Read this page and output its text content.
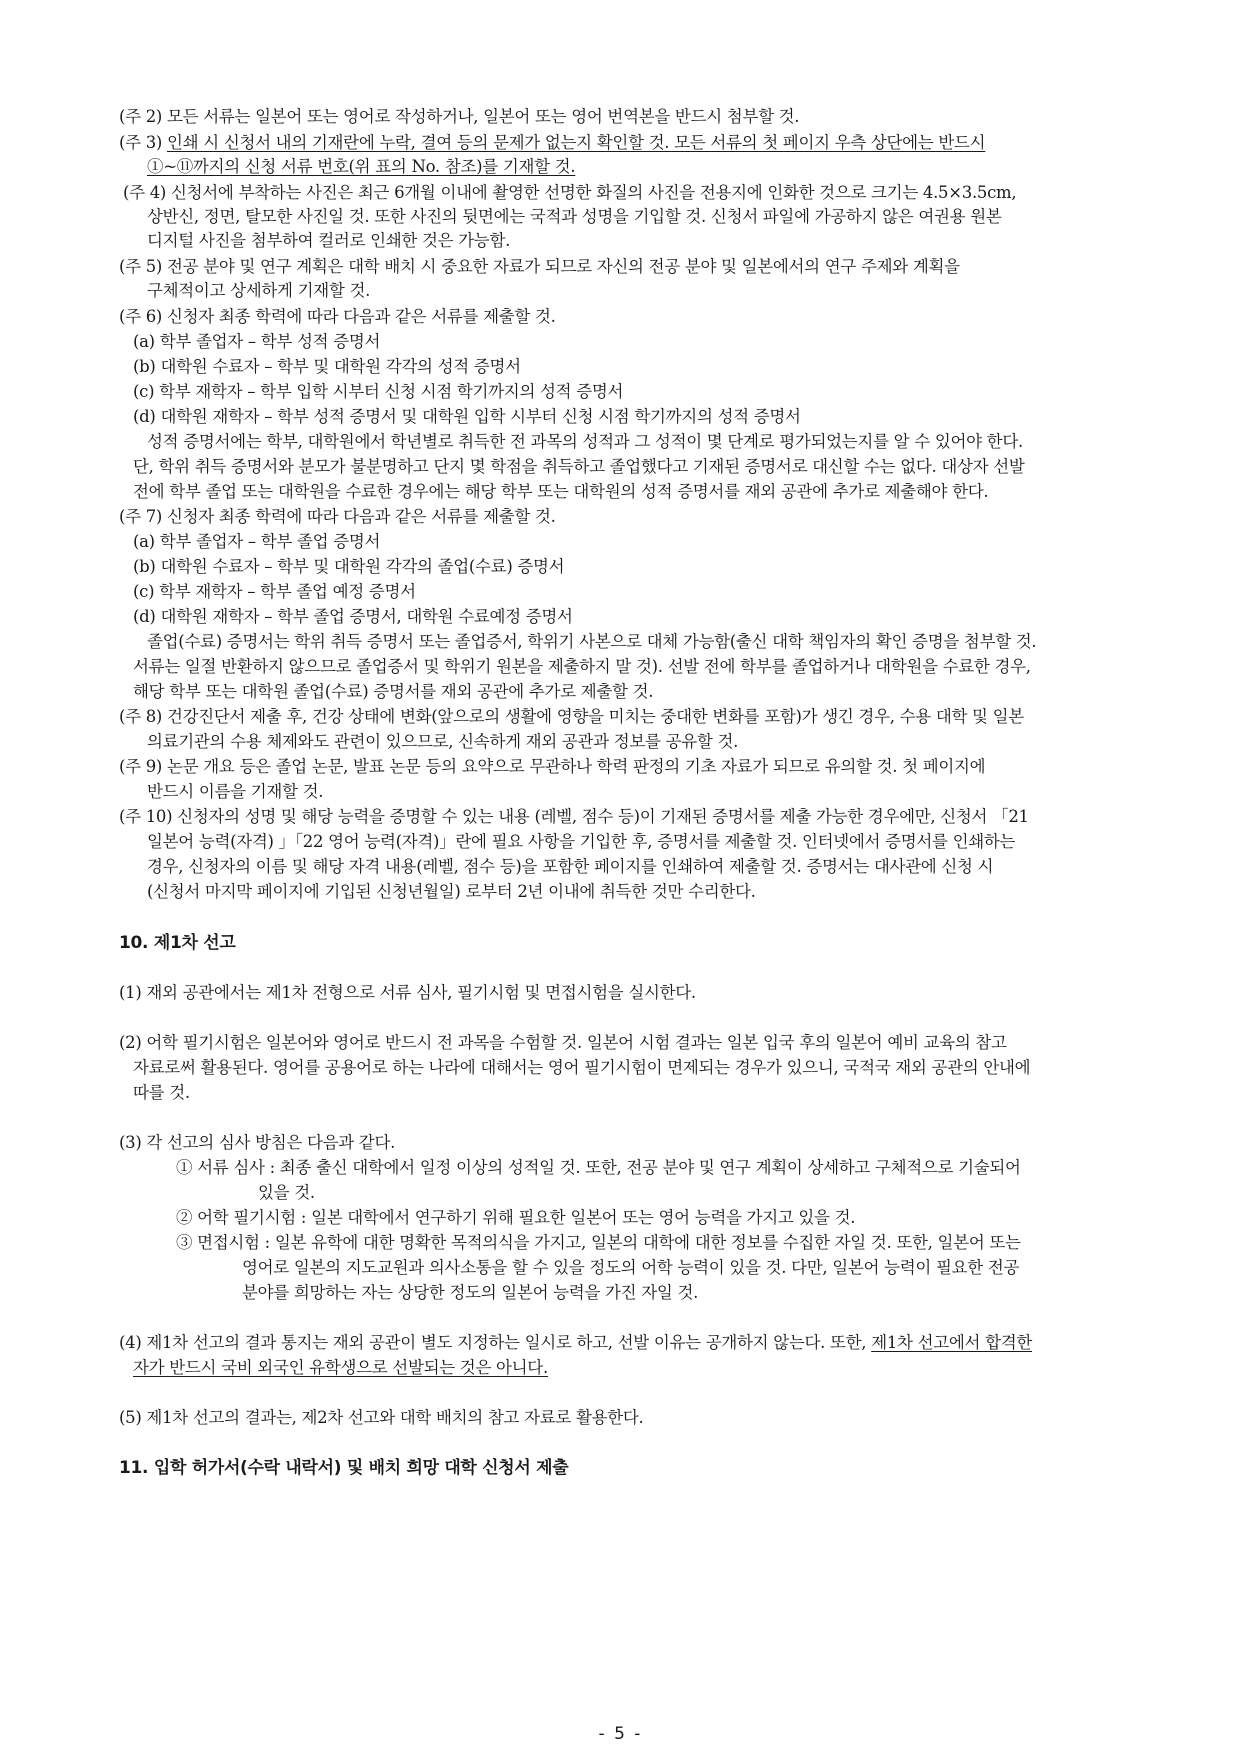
(주 2) 모든 서류는 일본어 또는 영어로 작성하거나, 일본어 또는 영어 번역본을 반드시 첨부할 것.
(주 3) 인쇄 시 신청서 내의 기재란에 누락, 결여 등의 문제가 없는지 확인할 것. 모든 서류의 첫 페이지 우측 상단에는 반드시
①~⑪까지의 신청 서류 번호(위 표의 No. 참조)를 기재할 것.
(주 4) 신청서에 부착하는 사진은 최근 6개월 이내에 촬영한 선명한 화질의 사진을 전용지에 인화한 것으로 크기는 4.5×3.5cm,
상반신, 정면, 탈모한 사진일 것. 또한 사진의 뒷면에는 국적과 성명을 기입할 것. 신청서 파일에 가공하지 않은 여권용 원본
디지털 사진을 첨부하여 컬러로 인쇄한 것은 가능함.
(주 5) 전공 분야 및 연구 계획은 대학 배치 시 중요한 자료가 되므로 자신의 전공 분야 및 일본에서의 연구 주제와 계획을
구체적이고 상세하게 기재할 것.
(주 6) 신청자 최종 학력에 따라 다음과 같은 서류를 제출할 것.
(a) 학부 졸업자 – 학부 성적 증명서
(b) 대학원 수료자 – 학부 및 대학원 각각의 성적 증명서
(c) 학부 재학자 – 학부 입학 시부터 신청 시점 학기까지의 성적 증명서
(d) 대학원 재학자 – 학부 성적 증명서 및 대학원 입학 시부터 신청 시점 학기까지의 성적 증명서
성적 증명서에는 학부, 대학원에서 학년별로 취득한 전 과목의 성적과 그 성적이 몇 단계로 평가되었는지를 알 수 있어야 한다.
단, 학위 취득 증명서와 분모가 불분명하고 단지 몇 학점을 취득하고 졸업했다고 기재된 증명서로 대신할 수는 없다. 대상자 선발
전에 학부 졸업 또는 대학원을 수료한 경우에는 해당 학부 또는 대학원의 성적 증명서를 재외 공관에 추가로 제출해야 한다.
(주 7) 신청자 최종 학력에 따라 다음과 같은 서류를 제출할 것.
(a) 학부 졸업자 – 학부 졸업 증명서
(b) 대학원 수료자 – 학부 및 대학원 각각의 졸업(수료) 증명서
(c) 학부 재학자 – 학부 졸업 예정 증명서
(d) 대학원 재학자 – 학부 졸업 증명서, 대학원 수료예정 증명서
졸업(수료) 증명서는 학위 취득 증명서 또는 졸업증서, 학위기 사본으로 대체 가능함(출신 대학 책임자의 확인 증명을 첨부할 것.
서류는 일절 반환하지 않으므로 졸업증서 및 학위기 원본을 제출하지 말 것). 선발 전에 학부를 졸업하거나 대학원을 수료한 경우,
해당 학부 또는 대학원 졸업(수료) 증명서를 재외 공관에 추가로 제출할 것.
(주 8) 건강진단서 제출 후, 건강 상태에 변화(앞으로의 생활에 영향을 미치는 중대한 변화를 포함)가 생긴 경우, 수용 대학 및 일본
의료기관의 수용 체제와도 관련이 있으므로, 신속하게 재외 공관과 정보를 공유할 것.
(주 9) 논문 개요 등은 졸업 논문, 발표 논문 등의 요약으로 무관하나 학력 판정의 기초 자료가 되므로 유의할 것. 첫 페이지에
반드시 이름을 기재할 것.
(주 10) 신청자의 성명 및 해당 능력을 증명할 수 있는 내용 (레벨, 점수 등)이 기재된 증명서를 제출 가능한 경우에만, 신청서 「21
일본어 능력(자격) 」「22 영어 능력(자격)」란에 필요 사항을 기입한 후, 증명서를 제출할 것. 인터넷에서 증명서를 인쇄하는
경우, 신청자의 이름 및 해당 자격 내용(레벨, 점수 등)을 포함한 페이지를 인쇄하여 제출할 것. 증명서는 대사관에 신청 시
(신청서 마지막 페이지에 기입된 신청년월일) 로부터 2년 이내에 취득한 것만 수리한다.
10. 제1차 선고
(1) 재외 공관에서는 제1차 전형으로 서류 심사, 필기시험 및 면접시험을 실시한다.
(2) 어학 필기시험은 일본어와 영어로 반드시 전 과목을 수험할 것. 일본어 시험 결과는 일본 입국 후의 일본어 예비 교육의 참고
자료로써 활용된다. 영어를 공용어로 하는 나라에 대해서는 영어 필기시험이 면제되는 경우가 있으니, 국적국 재외 공관의 안내에
따를 것.
(3) 각 선고의 심사 방침은 다음과 같다.
① 서류 심사 : 최종 출신 대학에서 일정 이상의 성적일 것. 또한, 전공 분야 및 연구 계획이 상세하고 구체적으로 기술되어
있을 것.
② 어학 필기시험 : 일본 대학에서 연구하기 위해 필요한 일본어 또는 영어 능력을 가지고 있을 것.
③ 면접시험 : 일본 유학에 대한 명확한 목적의식을 가지고, 일본의 대학에 대한 정보를 수집한 자일 것. 또한, 일본어 또는
영어로 일본의 지도교원과 의사소통을 할 수 있을 정도의 어학 능력이 있을 것. 다만, 일본어 능력이 필요한 전공
분야를 희망하는 자는 상당한 정도의 일본어 능력을 가진 자일 것.
(4) 제1차 선고의 결과 통지는 재외 공관이 별도 지정하는 일시로 하고, 선발 이유는 공개하지 않는다. 또한, 제1차 선고에서 합격한
자가 반드시 국비 외국인 유학생으로 선발되는 것은 아니다.
(5) 제1차 선고의 결과는, 제2차 선고와 대학 배치의 참고 자료로 활용한다.
11. 입학 허가서(수락 내락서) 및 배치 희망 대학 신청서 제출
- 5 -
